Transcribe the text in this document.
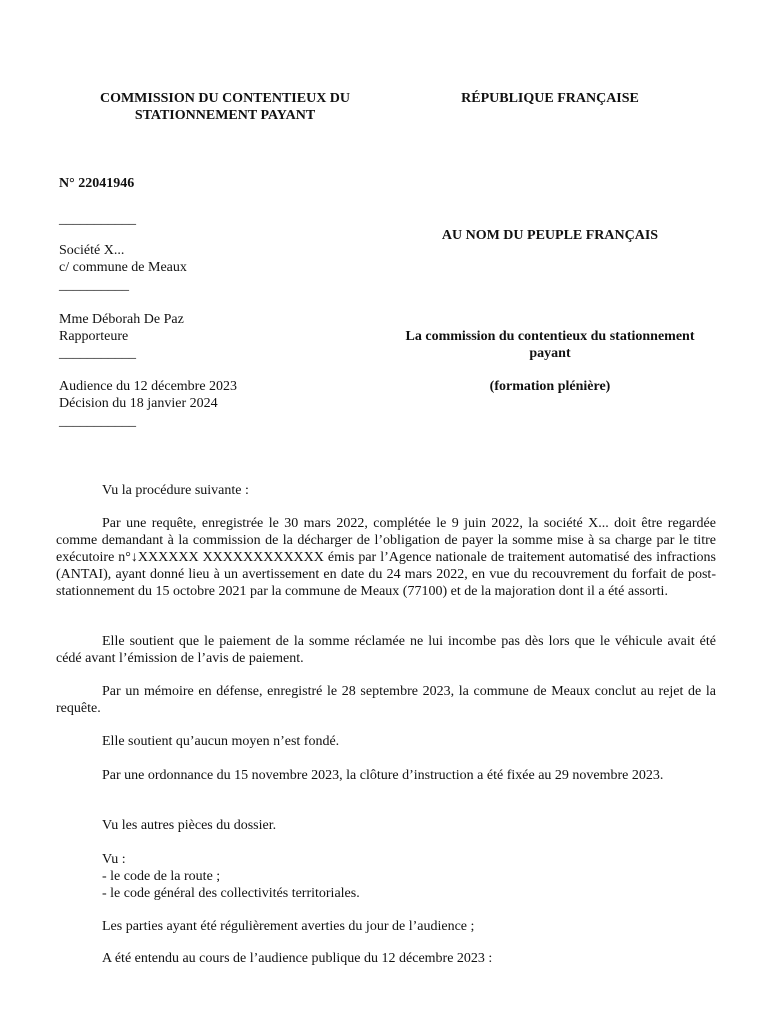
COMMISSION DU CONTENTIEUX DU
STATIONNEMENT PAYANT
RÉPUBLIQUE FRANÇAISE
N° 22041946
___________
Société X...
c/ commune de Meaux
__________
Mme Déborah De Paz
Rapporteure
___________
Audience du 12 décembre 2023
Décision du 18 janvier 2024
___________
AU NOM DU PEUPLE FRANÇAIS
La commission du contentieux du stationnement
payant
(formation plénière)
Vu la procédure suivante :
Par une requête, enregistrée le 30 mars 2022, complétée le 9 juin 2022, la société X... doit être regardée comme demandant à la commission de la décharger de l’obligation de payer la somme mise à sa charge par le titre exécutoire n°↓XXXXXX XXXXXXXXXXXX émis par l’Agence nationale de traitement automatisé des infractions (ANTAI), ayant donné lieu à un avertissement en date du 24 mars 2022, en vue du recouvrement du forfait de post-stationnement du 15 octobre 2021 par la commune de Meaux (77100) et de la majoration dont il a été assorti.
Elle soutient que le paiement de la somme réclamée ne lui incombe pas dès lors que le véhicule avait été cédé avant l’émission de l’avis de paiement.
Par un mémoire en défense, enregistré le 28 septembre 2023, la commune de Meaux conclut au rejet de la requête.
Elle soutient qu’aucun moyen n’est fondé.
Par une ordonnance du 15 novembre 2023, la clôture d’instruction a été fixée au 29 novembre 2023.
Vu les autres pièces du dossier.
Vu :
- le code de la route ;
- le code général des collectivités territoriales.
Les parties ayant été régulièrement averties du jour de l’audience ;
A été entendu au cours de l’audience publique du 12 décembre 2023 :
